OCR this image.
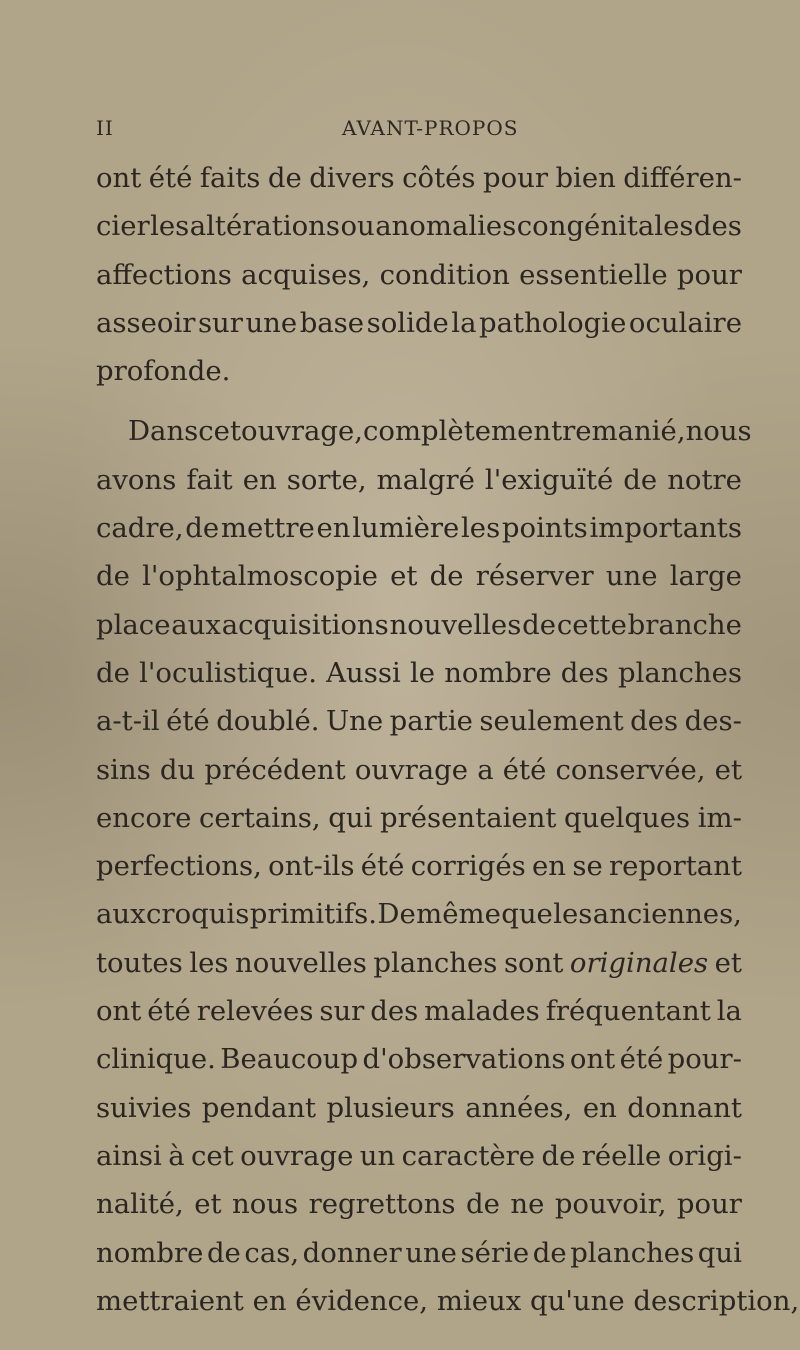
II	AVANT-PROPOS
ont été faits de divers côtés pour bien différen-
cier les altérations ou anomalies congénitales des
affections acquises, condition essentielle pour
asseoir sur une base solide la pathologie oculaire
profonde.
Dans cet ouvrage, complètement remanié, nous
avons fait en sorte, malgré l'exiguïté de notre
cadre, de mettre en lumière les points importants
de l'ophtalmoscopie et de réserver une large
place aux acquisitions nouvelles de cette branche
de l'oculistique. Aussi le nombre des planches
a-t-il été doublé. Une partie seulement des des-
sins du précédent ouvrage a été conservée, et
encore certains, qui présentaient quelques im-
perfections, ont-ils été corrigés en se reportant
aux croquis primitifs. De même que les anciennes,
toutes les nouvelles planches sont originales et
ont été relevées sur des malades fréquentant la
clinique. Beaucoup d'observations ont été pour-
suivies pendant plusieurs années, en donnant
ainsi à cet ouvrage un caractère de réelle origi-
nalité, et nous regrettons de ne pouvoir, pour
nombre de cas, donner une série de planches qui
mettraient en évidence, mieux qu'une description,
